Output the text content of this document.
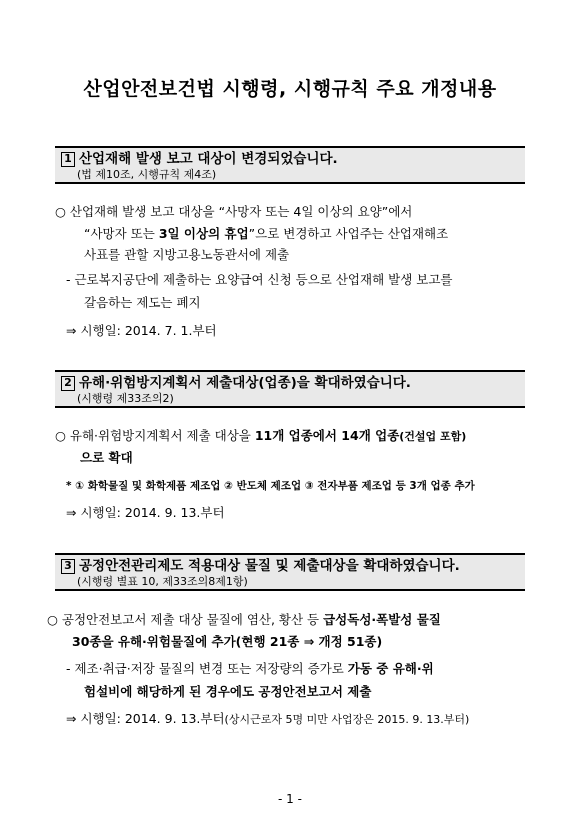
산업안전보건법 시행령, 시행규칙 주요 개정내용
1 산업재해 발생 보고 대상이 변경되었습니다.
(법 제10조, 시행규칙 제4조)
○ 산업재해 발생 보고 대상을 “사망자 또는 4일 이상의 요양”에서
“사망자 또는 3일 이상의 휴업”으로 변경하고 사업주는 산업재해조
사표를 관할 지방고용노동관서에 제출
- 근로복지공단에 제출하는 요양급여 신청 등으로 산업재해 발생 보고를
갈음하는 제도는 폐지
⇒ 시행일: 2014. 7. 1.부터
2 유해·위험방지계획서 제출대상(업종)을 확대하였습니다.
(시행령 제33조의2)
○ 유해·위험방지계획서 제출 대상을 11개 업종에서 14개 업종(건설업 포함)
으로 확대
* ① 화학물질 및 화학제품 제조업 ② 반도체 제조업 ③ 전자부품 제조업 등 3개 업종 추가
⇒ 시행일: 2014. 9. 13.부터
3 공정안전관리제도 적용대상 물질 및 제출대상을 확대하였습니다.
(시행령 별표 10, 제33조의8제1항)
○ 공정안전보고서 제출 대상 물질에 염산, 황산 등 급성독성·폭발성 물질
30종을 유해·위험물질에 추가(현행 21종 ⇒ 개정 51종)
- 제조·취급·저장 물질의 변경 또는 저장량의 증가로 가동 중 유해·위
험설비에 해당하게 된 경우에도 공정안전보고서 제출
⇒ 시행일: 2014. 9. 13.부터(상시근로자 5명 미만 사업장은 2015. 9. 13.부터)
- 1 -
